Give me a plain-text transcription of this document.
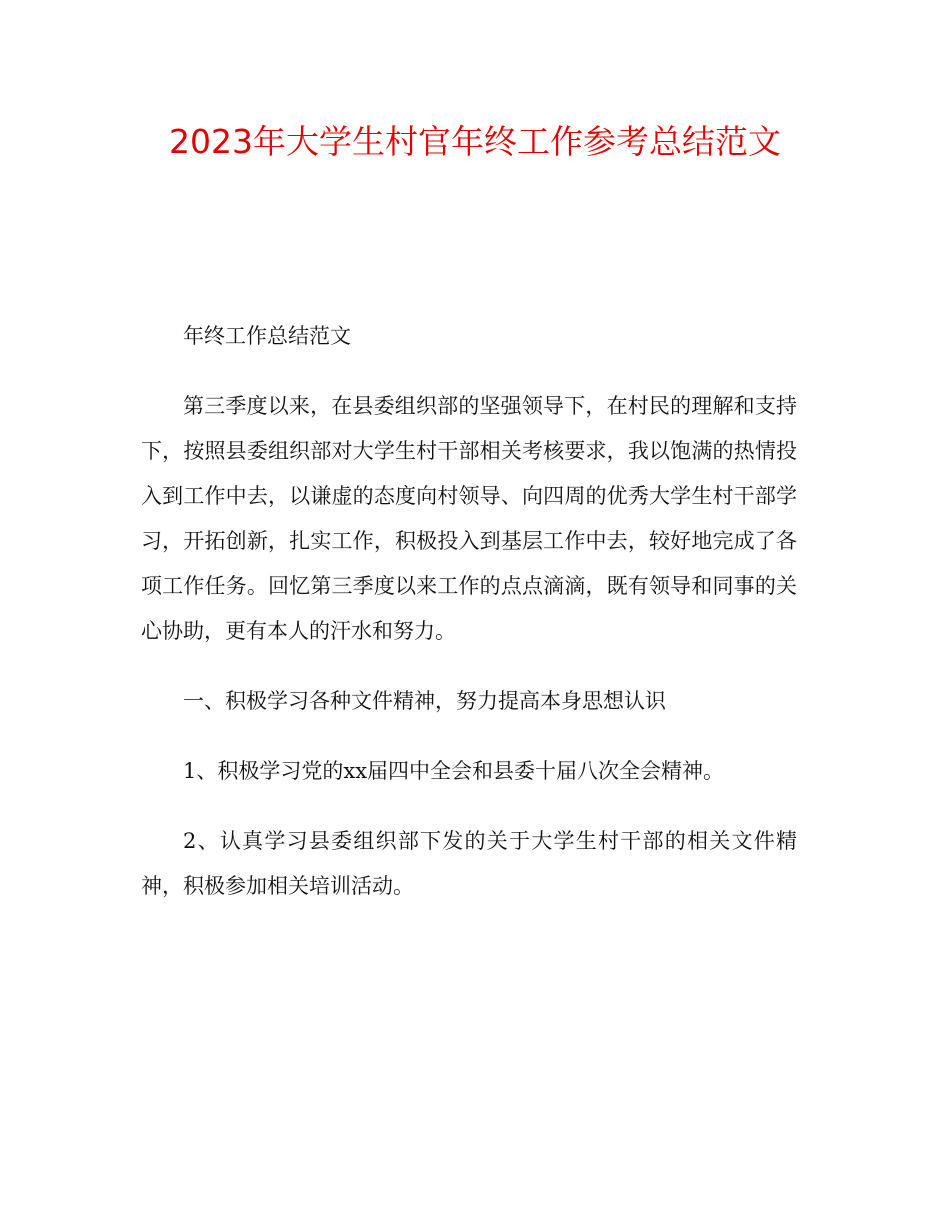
2023年大学生村官年终工作参考总结范文

年终工作总结范文

第三季度以来，在县委组织部的坚强领导下，在村民的理解和支持下，按照县委组织部对大学生村干部相关考核要求，我以饱满的热情投入到工作中去，以谦虚的态度向村领导、向四周的优秀大学生村干部学习，开拓创新，扎实工作，积极投入到基层工作中去，较好地完成了各项工作任务。回忆第三季度以来工作的点点滴滴，既有领导和同事的关心协助，更有本人的汗水和努力。

一、积极学习各种文件精神，努力提高本身思想认识

1、积极学习党的xx届四中全会和县委十届八次全会精神。

2、认真学习县委组织部下发的关于大学生村干部的相关文件精神，积极参加相关培训活动。
